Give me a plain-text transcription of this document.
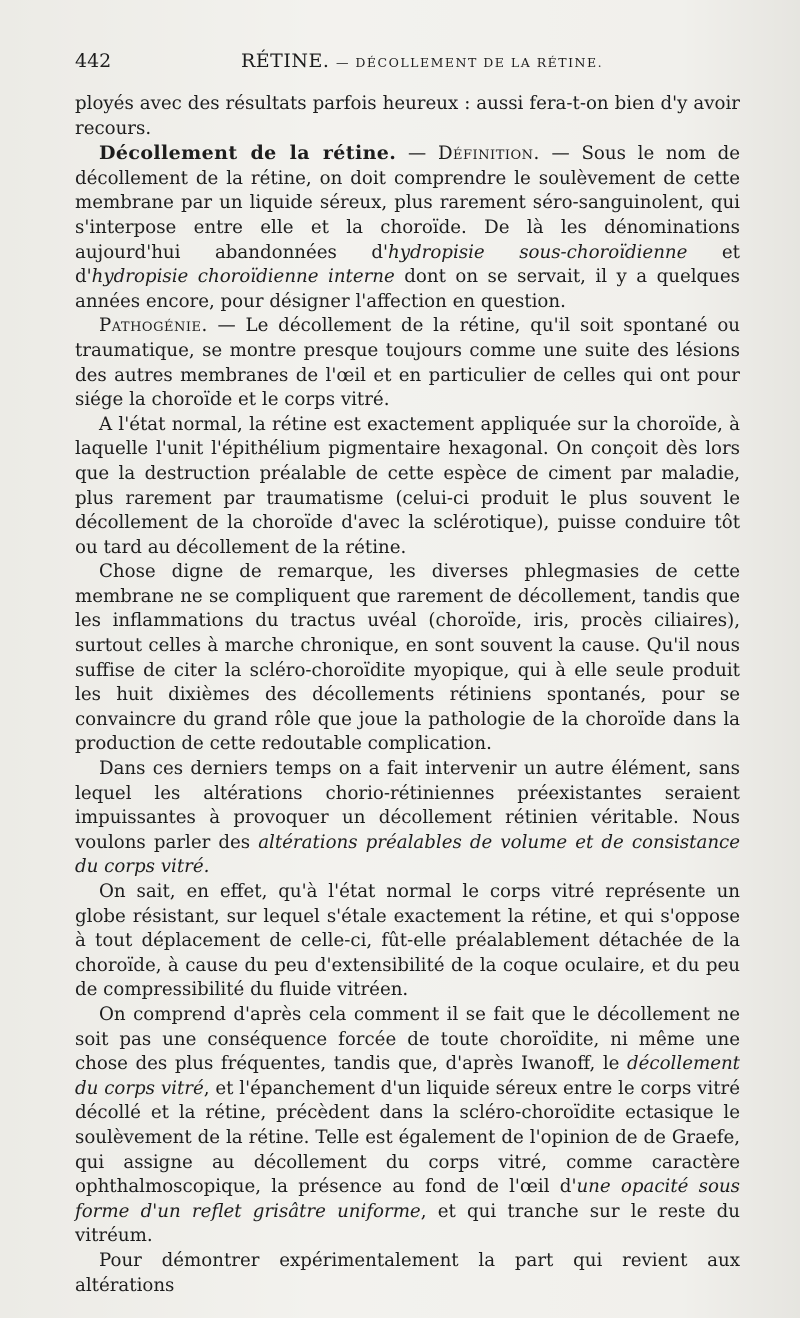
442	RÉTINE. — DÉCOLLEMENT DE LA RÉTINE.

ployés avec des résultats parfois heureux : aussi fera-t-on bien d'y avoir recours.

Décollement de la rétine. — Définition. — Sous le nom de décollement de la rétine, on doit comprendre le soulèvement de cette membrane par un liquide séreux, plus rarement séro-sanguinolent, qui s'interpose entre elle et la choroïde. De là les dénominations aujourd'hui abandonnées d'hydropisie sous-choroïdienne et d'hydropisie choroïdienne interne dont on se servait, il y a quelques années encore, pour désigner l'affection en question.

Pathogénie. — Le décollement de la rétine, qu'il soit spontané ou traumatique, se montre presque toujours comme une suite des lésions des autres membranes de l'œil et en particulier de celles qui ont pour siége la choroïde et le corps vitré.

A l'état normal, la rétine est exactement appliquée sur la choroïde, à laquelle l'unit l'épithélium pigmentaire hexagonal. On conçoit dès lors que la destruction préalable de cette espèce de ciment par maladie, plus rarement par traumatisme (celui-ci produit le plus souvent le décollement de la choroïde d'avec la sclérotique), puisse conduire tôt ou tard au décollement de la rétine.

Chose digne de remarque, les diverses phlegmasies de cette membrane ne se compliquent que rarement de décollement, tandis que les inflammations du tractus uvéal (choroïde, iris, procès ciliaires), surtout celles à marche chronique, en sont souvent la cause. Qu'il nous suffise de citer la scléro-choroïdite myopique, qui à elle seule produit les huit dixièmes des décollements rétiniens spontanés, pour se convaincre du grand rôle que joue la pathologie de la choroïde dans la production de cette redoutable complication.

Dans ces derniers temps on a fait intervenir un autre élément, sans lequel les altérations chorio-rétiniennes préexistantes seraient impuissantes à provoquer un décollement rétinien véritable. Nous voulons parler des altérations préalables de volume et de consistance du corps vitré.

On sait, en effet, qu'à l'état normal le corps vitré représente un globe résistant, sur lequel s'étale exactement la rétine, et qui s'oppose à tout déplacement de celle-ci, fût-elle préalablement détachée de la choroïde, à cause du peu d'extensibilité de la coque oculaire, et du peu de compressibilité du fluide vitréen.

On comprend d'après cela comment il se fait que le décollement ne soit pas une conséquence forcée de toute choroïdite, ni même une chose des plus fréquentes, tandis que, d'après Iwanoff, le décollement du corps vitré, et l'épanchement d'un liquide séreux entre le corps vitré décollé et la rétine, précèdent dans la scléro-choroïdite ectasique le soulèvement de la rétine. Telle est également de l'opinion de de Graefe, qui assigne au décollement du corps vitré, comme caractère ophthalmoscopique, la présence au fond de l'œil d'une opacité sous forme d'un reflet grisâtre uniforme, et qui tranche sur le reste du vitréum.

Pour démontrer expérimentalement la part qui revient aux altérations
